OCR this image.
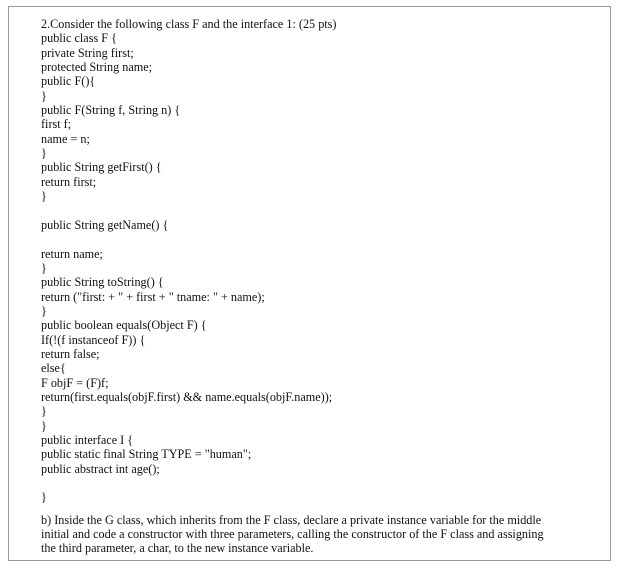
2.Consider the following class F and the interface 1: (25 pts)
public class F {
private String first;
protected String name;
public F(){
}
public F(String f, String n) {
first f;
name = n;
}
public String getFirst() {
return first;
}
public String getName() {
return name;
}
public String toString() {
return ("first: + " + first + " tname: " + name);
}
public boolean equals(Object F) {
If(!(f instanceof F)) {
return false;
else{
F objF = (F)f;
return(first.equals(objF.first) && name.equals(objF.name));
}
}
public interface I {
public static final String TYPE = "human";
public abstract int age();
}
b) Inside the G class, which inherits from the F class, declare a private instance variable for the middle initial and code a constructor with three parameters, calling the constructor of the F class and assigning the third parameter, a char, to the new instance variable.
